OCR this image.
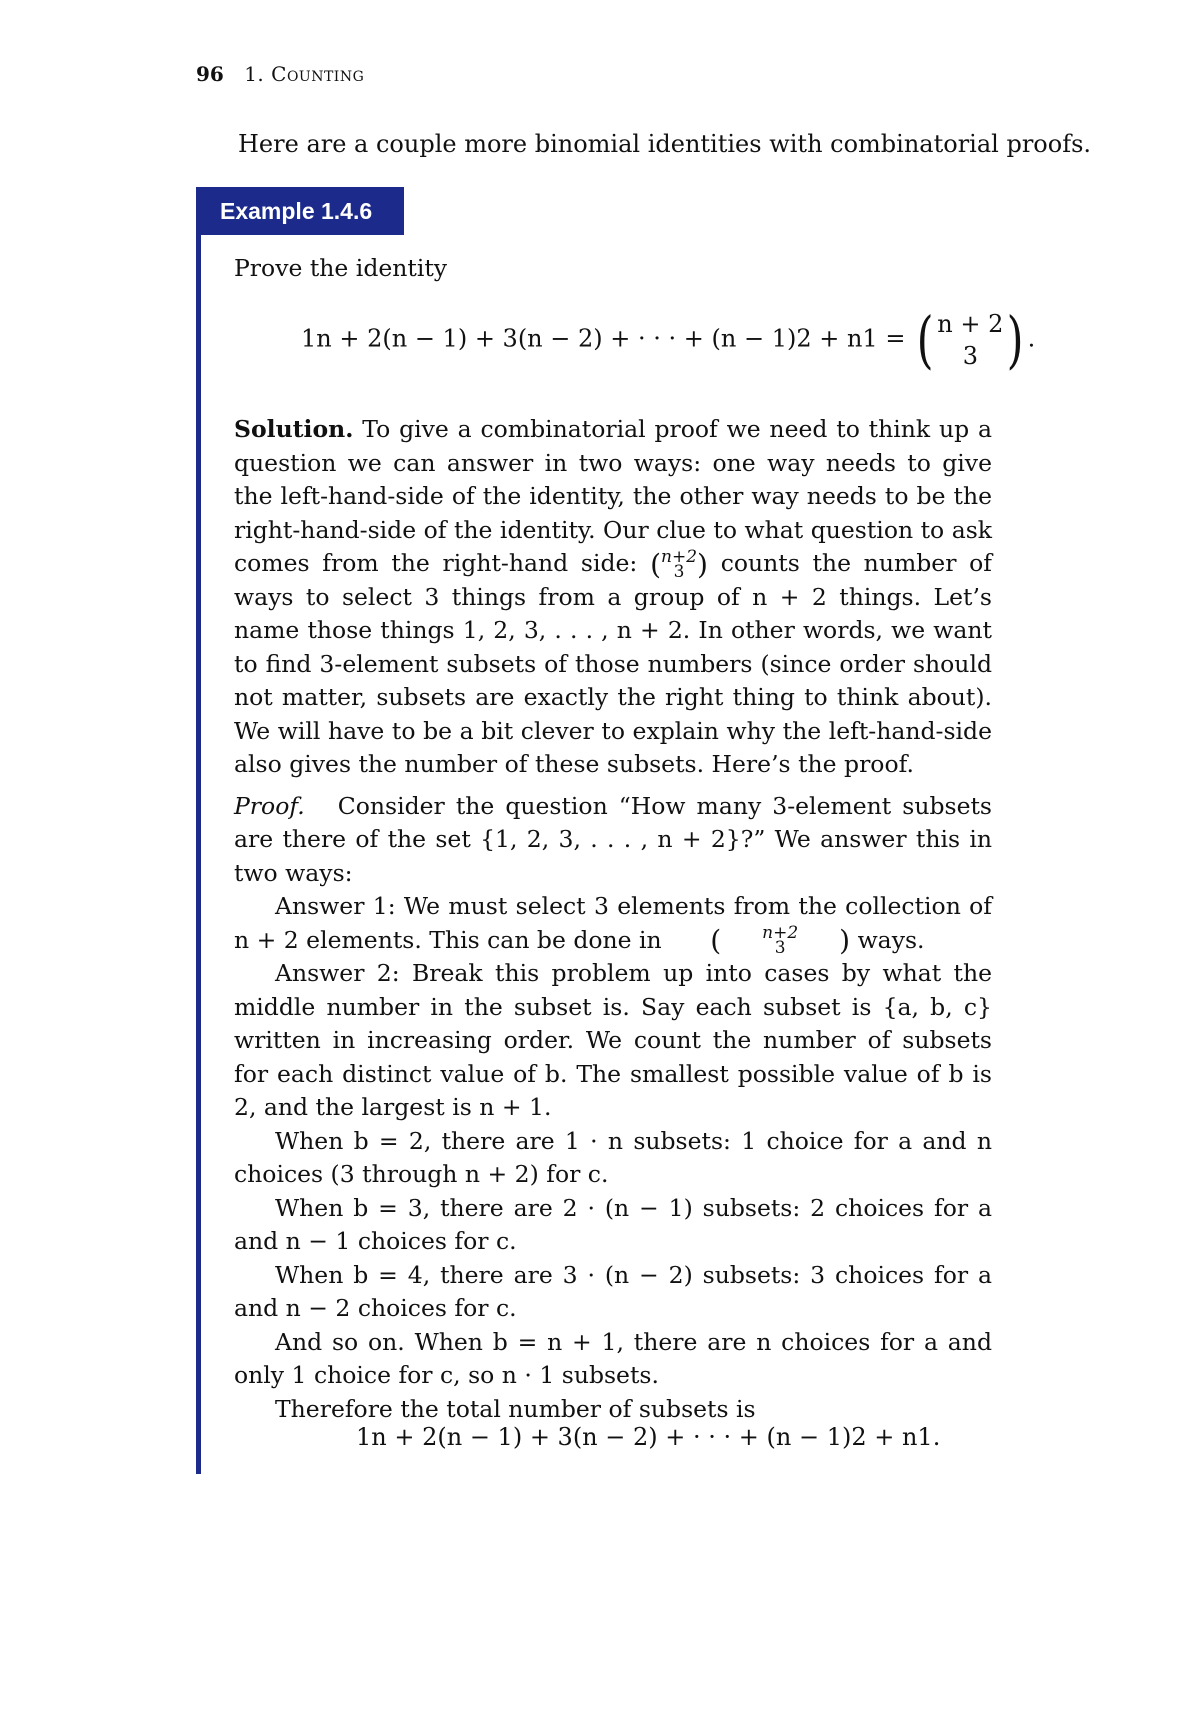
96 1. Counting
Here are a couple more binomial identities with combinatorial proofs.
Example 1.4.6
Prove the identity
1n + 2(n − 1) + 3(n − 2) + · · · + (n − 1)2 + n1 = ( n + 2
3 ) .

Solution. To give a combinatorial proof we need to think up a question we can answer in two ways: one way needs to give the left-hand-side of the identity, the other way needs to be the right-hand-side of the identity. Our clue to what question to ask comes from the right-hand side: ( n+2
3 ) counts the number of ways to select 3 things from a group of n + 2 things. Let’s name those things 1, 2, 3, . . . , n + 2. In other words, we want to find 3-element subsets of those numbers (since order should not matter, subsets are exactly the right thing to think about). We will have to be a bit clever to explain why the left-hand-side also gives the number of these subsets. Here’s the proof.

Proof. Consider the question “How many 3-element subsets are there of the set {1, 2, 3, . . . , n + 2}?” We answer this in two ways:

Answer 1: We must select 3 elements from the collection of n + 2 elements. This can be done in	(	n+2
3	) ways.

Answer 2: Break this problem up into cases by what the middle number in the subset is. Say each subset is {a, b, c} written in increasing order. We count the number of subsets for each distinct value of b. The smallest possible value of b is 2, and the largest is n + 1.

When b = 2, there are 1 · n subsets: 1 choice for a and n choices (3 through n + 2) for c.

When b = 3, there are 2 · (n − 1) subsets: 2 choices for a and n − 1 choices for c.

When b = 4, there are 3 · (n − 2) subsets: 3 choices for a and n − 2 choices for c.

And so on. When b = n + 1, there are n choices for a and only 1 choice for c, so n · 1 subsets.

Therefore the total number of subsets is

1n + 2(n − 1) + 3(n − 2) + · · · + (n − 1)2 + n1.
